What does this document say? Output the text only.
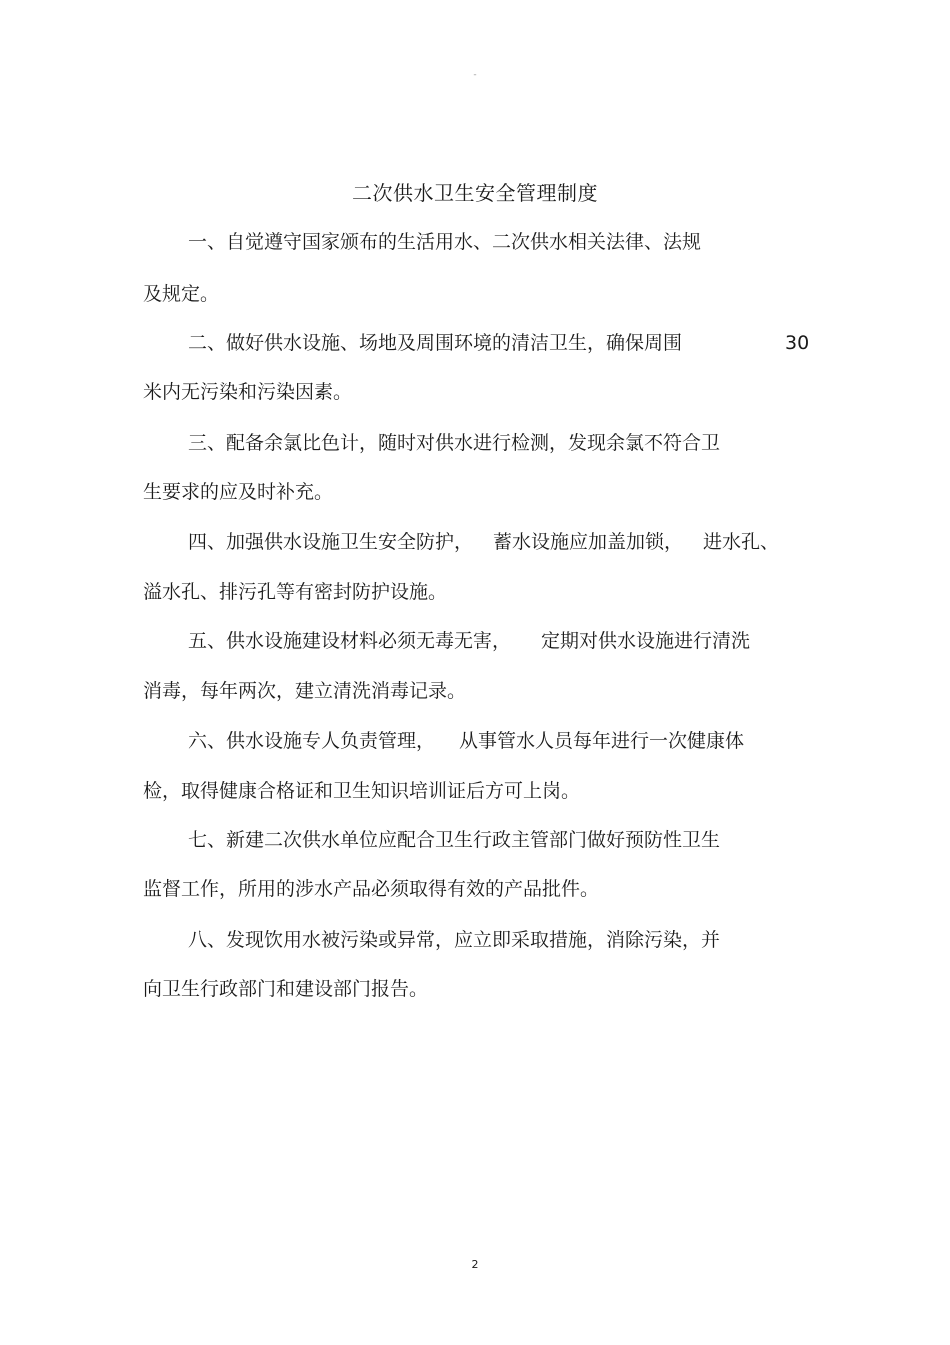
-
二次供水卫生安全管理制度
一、自觉遵守国家颁布的生活用水、二次供水相关法律、法规
及规定。
二、做好供水设施、场地及周围环境的清洁卫生，确保周围	30
米内无污染和污染因素。
三、配备余氯比色计，随时对供水进行检测，发现余氯不符合卫
生要求的应及时补充。
四、加强供水设施卫生安全防护， 蓄水设施应加盖加锁， 进水孔、
溢水孔、排污孔等有密封防护设施。
五、供水设施建设材料必须无毒无害， 定期对供水设施进行清洗
消毒，每年两次，建立清洗消毒记录。
六、供水设施专人负责管理， 从事管水人员每年进行一次健康体
检，取得健康合格证和卫生知识培训证后方可上岗。
七、新建二次供水单位应配合卫生行政主管部门做好预防性卫生
监督工作，所用的涉水产品必须取得有效的产品批件。
八、发现饮用水被污染或异常，应立即采取措施，消除污染，并
向卫生行政部门和建设部门报告。
2
